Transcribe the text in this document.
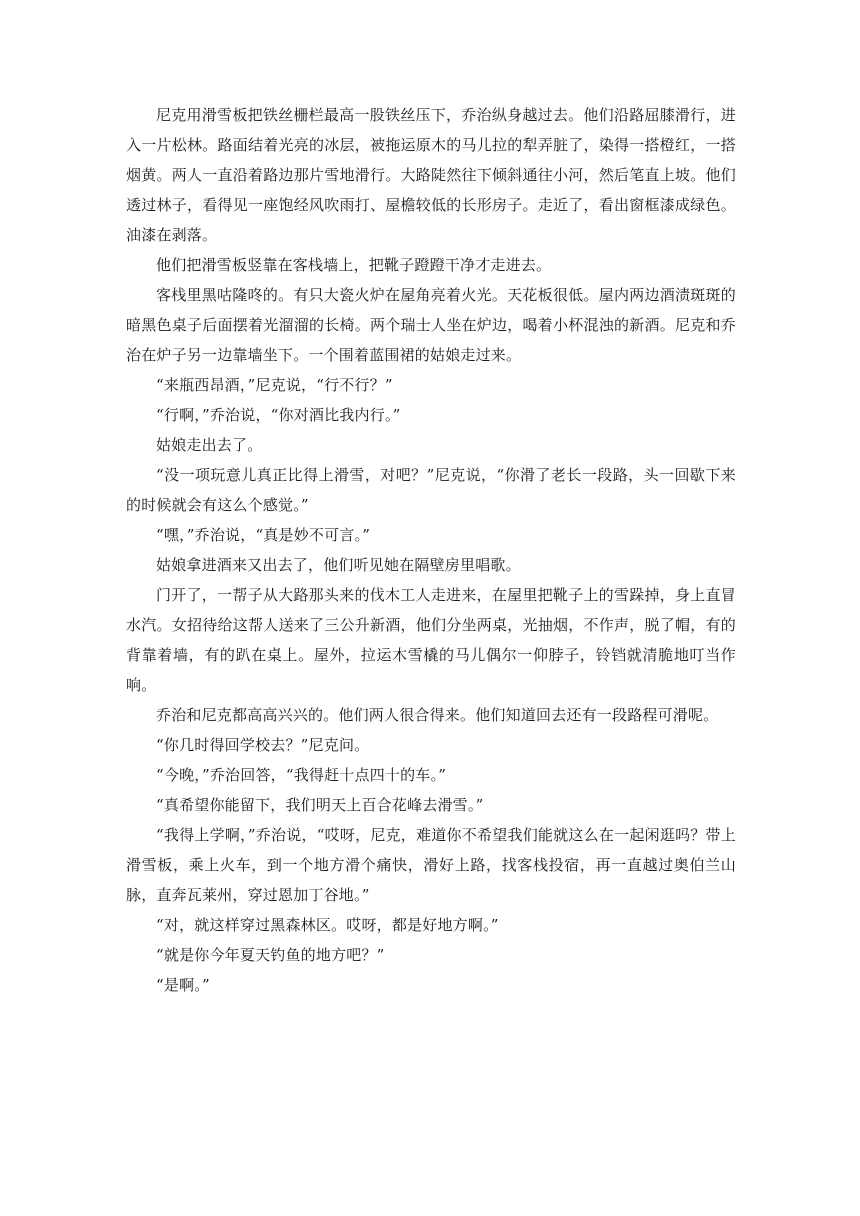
尼克用滑雪板把铁丝栅栏最高一股铁丝压下，乔治纵身越过去。他们沿路屈膝滑行，进入一片松林。路面结着光亮的冰层，被拖运原木的马儿拉的犁弄脏了，染得一搭橙红，一搭烟黄。两人一直沿着路边那片雪地滑行。大路陡然往下倾斜通往小河，然后笔直上坡。他们透过林子，看得见一座饱经风吹雨打、屋檐较低的长形房子。走近了，看出窗框漆成绿色。油漆在剥落。

他们把滑雪板竖靠在客栈墙上，把靴子蹬蹬干净才走进去。

客栈里黑咕隆咚的。有只大瓷火炉在屋角亮着火光。天花板很低。屋内两边酒渍斑斑的暗黑色桌子后面摆着光溜溜的长椅。两个瑞士人坐在炉边，喝着小杯混浊的新酒。尼克和乔治在炉子另一边靠墙坐下。一个围着蓝围裙的姑娘走过来。

“来瓶西昂酒，”尼克说，“行不行？”

“行啊，”乔治说，“你对酒比我内行。”

姑娘走出去了。

“没一项玩意儿真正比得上滑雪，对吧？”尼克说，“你滑了老长一段路，头一回歇下来的时候就会有这么个感觉。”

“嘿，”乔治说，“真是妙不可言。”

姑娘拿进酒来又出去了，他们听见她在隔壁房里唱歌。

门开了，一帮子从大路那头来的伐木工人走进来，在屋里把靴子上的雪跺掉，身上直冒水汽。女招待给这帮人送来了三公升新酒，他们分坐两桌，光抽烟，不作声，脱了帽，有的背靠着墙，有的趴在桌上。屋外，拉运木雪橇的马儿偶尔一仰脖子，铃铛就清脆地叮当作响。

乔治和尼克都高高兴兴的。他们两人很合得来。他们知道回去还有一段路程可滑呢。

“你几时得回学校去？”尼克问。

“今晚，”乔治回答，“我得赶十点四十的车。”

“真希望你能留下，我们明天上百合花峰去滑雪。”

“我得上学啊，”乔治说，“哎呀，尼克，难道你不希望我们能就这么在一起闲逛吗？带上滑雪板，乘上火车，到一个地方滑个痛快，滑好上路，找客栈投宿，再一直越过奥伯兰山脉，直奔瓦莱州，穿过恩加丁谷地。”

“对，就这样穿过黑森林区。哎呀，都是好地方啊。”

“就是你今年夏天钓鱼的地方吧？”

“是啊。”
